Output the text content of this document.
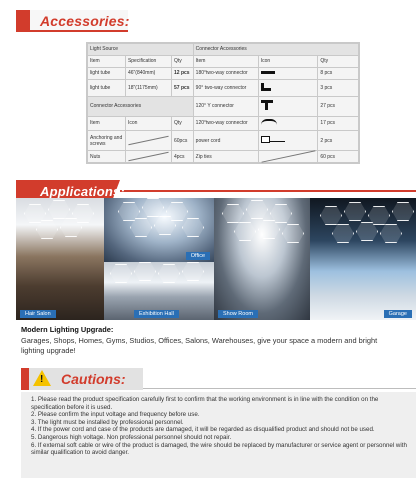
Accessories:
Light Source			Connector Accessories		
Item	Specification	Qty	Item	Icon	Qty
light tube	46"(840mm)	12 pcs	180°two-way connector		8 pcs
light tube	18"(1175mm)	57 pcs	90° two-way connector		3 pcs
Connector Accessories			120° Y connector		27 pcs
Item	Icon	Qty	120°two-way connector		17 pcs
Anchoring and screws		60pcs	power cord		2 pcs
Nuts		4pcs	Zip ties		60 pcs
Applications:
Hair Salon
Office
Exhibition Hall	Show Room	Garage
Modern Lighting Upgrade:
Garages, Shops, Homes, Gyms, Studios, Offices, Salons, Warehouses, give your space a modern and bright lighting upgrade!
! Cautions:

1. Please read the product specification carefully first to confirm that the working environment is in line with the condition on the specification before it is used.

2. Please confirm the input voltage and frequency before use.

3. The light must be installed by professional personnel.

4. If the power cord and case of the products are damaged, it will be regarded as disqualified product and should not be used.

5. Dangerous high voltage. Non professional personnel should not repair.

6. If external soft cable or wire of the product is damaged, the wire should be replaced by manufacturer or service agent or personnel with similar qualification to avoid danger.
